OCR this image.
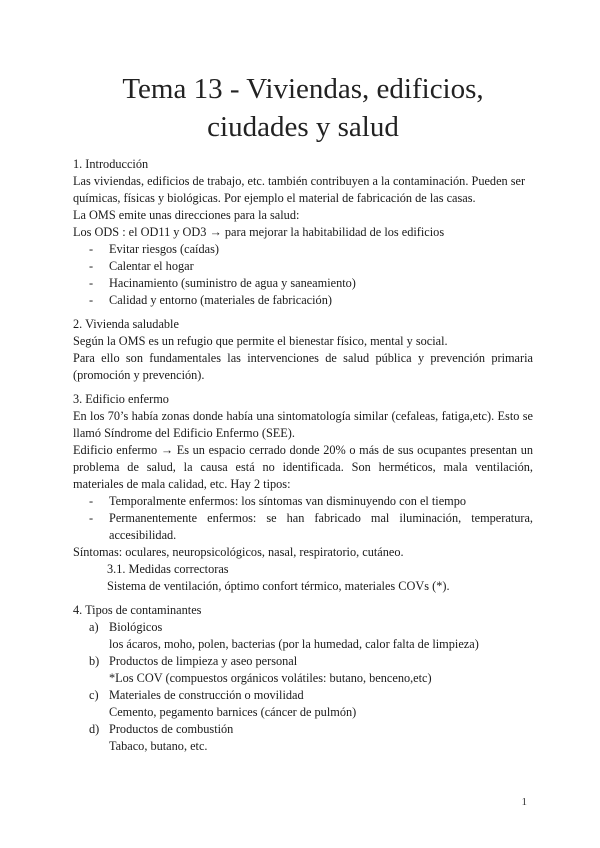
Tema 13 - Viviendas, edificios,
ciudades y salud

1. Introducción

Las viviendas, edificios de trabajo, etc. también contribuyen a la contaminación. Pueden ser químicas, físicas y biológicas. Por ejemplo el material de fabricación de las casas.

La OMS emite unas direcciones para la salud:

Los ODS : el OD11 y OD3 → para mejorar la habitabilidad de los edificios

- Evitar riesgos (caídas)
- Calentar el hogar
- Hacinamiento (suministro de agua y saneamiento)
- Calidad y entorno (materiales de fabricación)

2. Vivienda saludable

Según la OMS es un refugio que permite el bienestar físico, mental y social.

Para ello son fundamentales las intervenciones de salud pública y prevención primaria (promoción y prevención).

3. Edificio enfermo

En los 70’s había zonas donde había una sintomatología similar (cefaleas, fatiga,etc). Esto se llamó Síndrome del Edificio Enfermo (SEE).

Edificio enfermo → Es un espacio cerrado donde 20% o más de sus ocupantes presentan un problema de salud, la causa está no identificada. Son herméticos, mala ventilación, materiales de mala calidad, etc. Hay 2 tipos:

- Temporalmente enfermos: los síntomas van disminuyendo con el tiempo
- Permanentemente enfermos: se han fabricado mal iluminación, temperatura, accesibilidad.

Síntomas: oculares, neuropsicológicos, nasal, respiratorio, cutáneo.

3.1. Medidas correctoras

Sistema de ventilación, óptimo confort térmico, materiales COVs (*).

4. Tipos de contaminantes

a) Biológicos
los ácaros, moho, polen, bacterias (por la humedad, calor falta de limpieza)
b) Productos de limpieza y aseo personal
*Los COV (compuestos orgánicos volátiles: butano, benceno,etc)
c) Materiales de construcción o movilidad
Cemento, pegamento barnices (cáncer de pulmón)
d) Productos de combustión
Tabaco, butano, etc.
1
